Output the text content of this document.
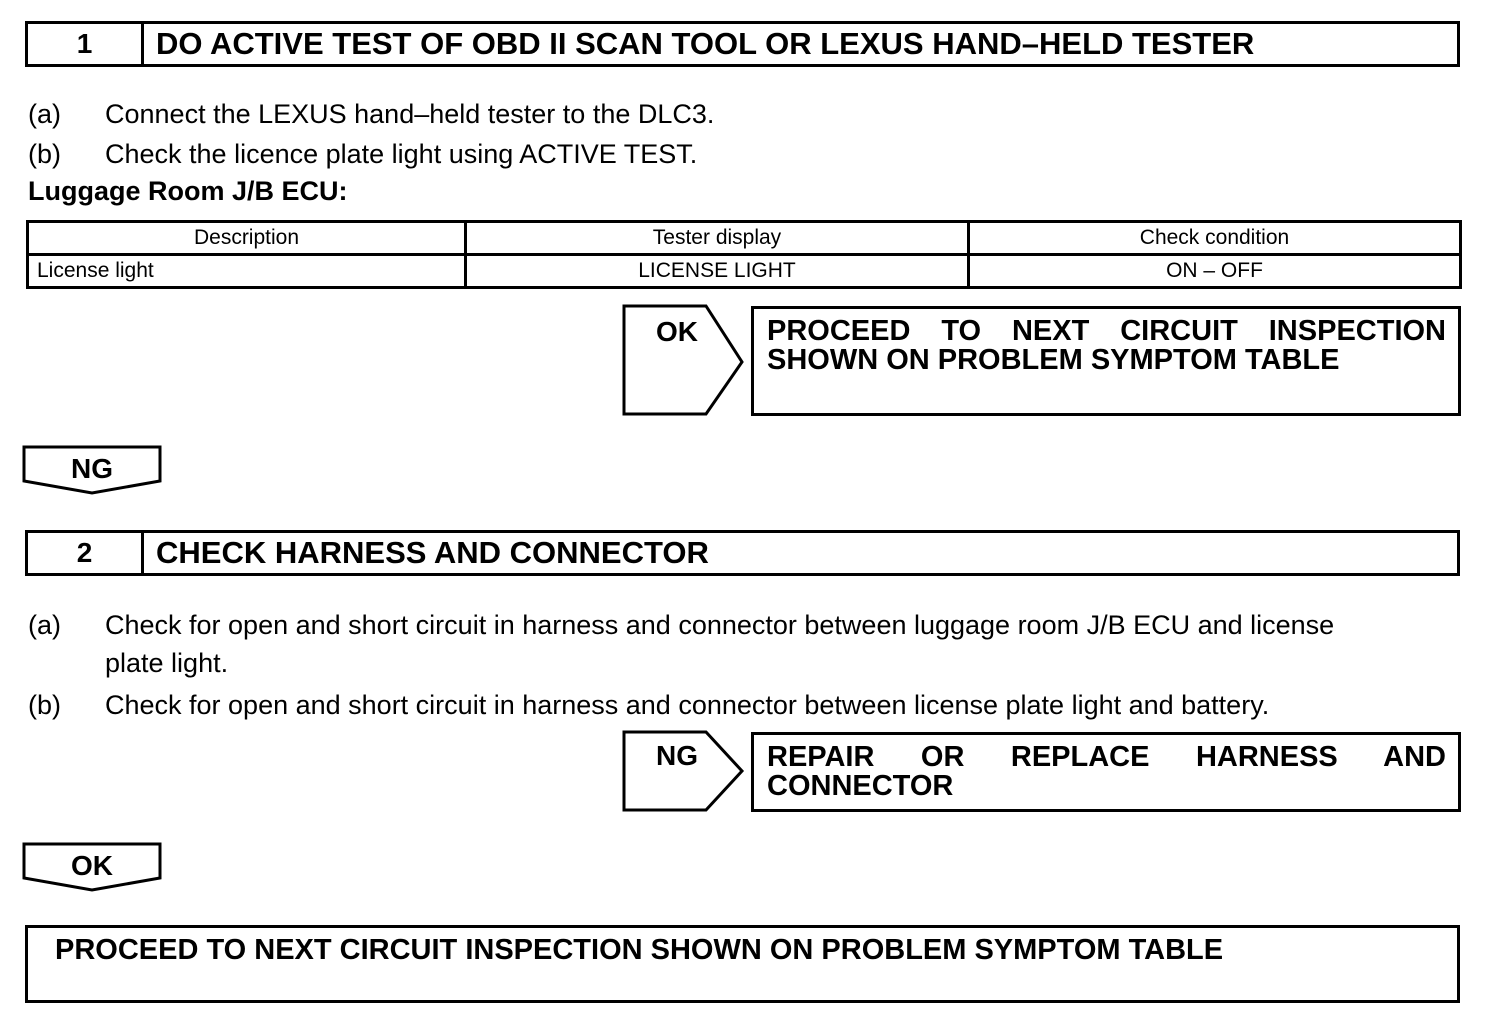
1	DO ACTIVE TEST OF OBD II SCAN TOOL OR LEXUS HAND–HELD TESTER
(a) Connect the LEXUS hand–held tester to the DLC3.
(b) Check the licence plate light using ACTIVE TEST.
Luggage Room J/B ECU:
Description	Tester display	Check condition
License light	LICENSE LIGHT	ON – OFF
OK PROCEED TO NEXT CIRCUIT INSPECTION
SHOWN ON PROBLEM SYMPTOM TABLE
NG
2	CHECK HARNESS AND CONNECTOR
(a) Check for open and short circuit in harness and connector between luggage room J/B ECU and license
plate light.
(b) Check for open and short circuit in harness and connector between license plate light and battery.
NG REPAIR OR REPLACE HARNESS AND
CONNECTOR
OK
PROCEED TO NEXT CIRCUIT INSPECTION SHOWN ON PROBLEM SYMPTOM TABLE
